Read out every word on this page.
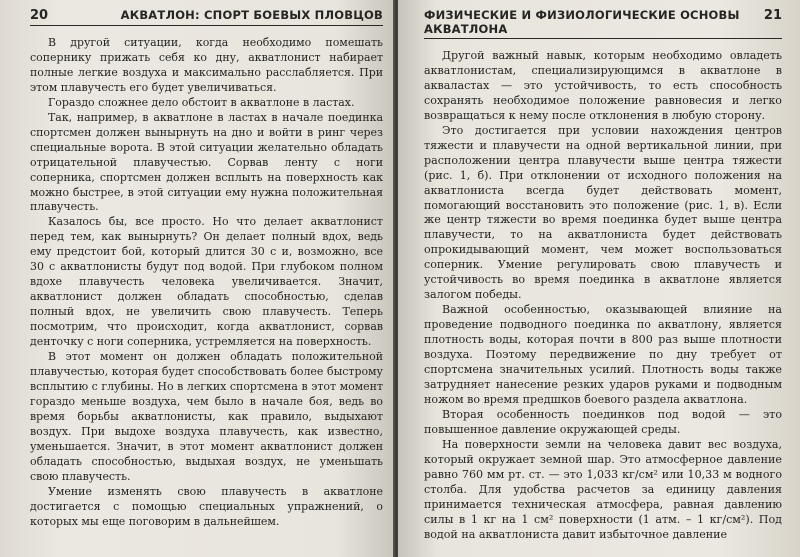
20	АКВАТЛОН: СПОРТ БОЕВЫХ ПЛОВЦОВ

В другой ситуации, когда необходимо помешать сопернику прижать себя ко дну, акватлонист набирает полные легкие воздуха и максимально расслабляется. При этом плавучесть его будет увеличиваться.

Гораздо сложнее дело обстоит в акватлоне в ластах.

Так, например, в акватлоне в ластах в начале поединка спортсмен должен вынырнуть на дно и войти в ринг через специальные ворота. В этой ситуации желательно обладать отрицательной плавучестью. Сорвав ленту с ноги соперника, спортсмен должен всплыть на поверхность как можно быстрее, в этой ситуации ему нужна положительная плавучесть.

Казалось бы, все просто. Но что делает акватлонист перед тем, как вынырнуть? Он делает полный вдох, ведь ему предстоит бой, который длится 30 с и, возможно, все 30 с акватлонисты будут под водой. При глубоком полном вдохе плавучесть человека увеличивается. Значит, акватлонист должен обладать способностью, сделав полный вдох, не увеличить свою плавучесть. Теперь посмотрим, что происходит, когда акватлонист, сорвав денточку с ноги соперника, устремляется на поверхность.

В этот момент он должен обладать положительной плавучестью, которая будет способствовать более быстрому всплытию с глубины. Но в легких спортсмена в этот момент гораздо меньше воздуха, чем было в начале боя, ведь во время борьбы акватлонисты, как правило, выдыхают воздух. При выдохе воздуха плавучесть, как известно, уменьшается. Значит, в этот момент акватлонист должен обладать способностью, выдыхая воздух, не уменьшать свою плавучесть.

Умение изменять свою плавучесть в акватлоне достигается с помощью специальных упражнений, о которых мы еще поговорим в дальнейшем.

ФИЗИЧЕСКИЕ И ФИЗИОЛОГИЧЕСКИЕ ОСНОВЫ АКВАТЛОНА
21

Другой важный навык, которым необходимо овладеть акватлонистам, специализирующимся в акватлоне в акваластах — это устойчивость, то есть способность сохранять необходимое положение равновесия и легко возвращаться к нему после отклонения в любую сторону.

Это достигается при условии нахождения центров тяжести и плавучести на одной вертикальной линии, при расположении центра плавучести выше центра тяжести (рис. 1, б). При отклонении от исходного положения на акватлониста всегда будет действовать момент, помогающий восстановить это положение (рис. 1, в). Если же центр тяжести во время поединка будет выше центра плавучести, то на акватлониста будет действовать опрокидывающий момент, чем может воспользоваться соперник. Умение регулировать свою плавучесть и устойчивость во время поединка в акватлоне является залогом победы.

Важной особенностью, оказывающей влияние на проведение подводного поединка по акватлону, является плотность воды, которая почти в 800 раз выше плотности воздуха. Поэтому передвижение по дну требует от спортсмена значительных усилий. Плотность воды также затрудняет нанесение резких ударов руками и подводным ножом во время предшков боевого раздела акватлона.

Вторая особенность поединков под водой — это повышенное давление окружающей среды.

На поверхности земли на человека давит вес воздуха, который окружает земной шар. Это атмосферное давление равно 760 мм рт. ст. — это 1,033 кг/см² или 10,33 м водного столба. Для удобства расчетов за единицу давления принимается техническая атмосфера, равная давлению силы в 1 кг на 1 см² поверхности (1 атм. – 1 кг/см²). Под водой на акватлониста давит избыточное давление
